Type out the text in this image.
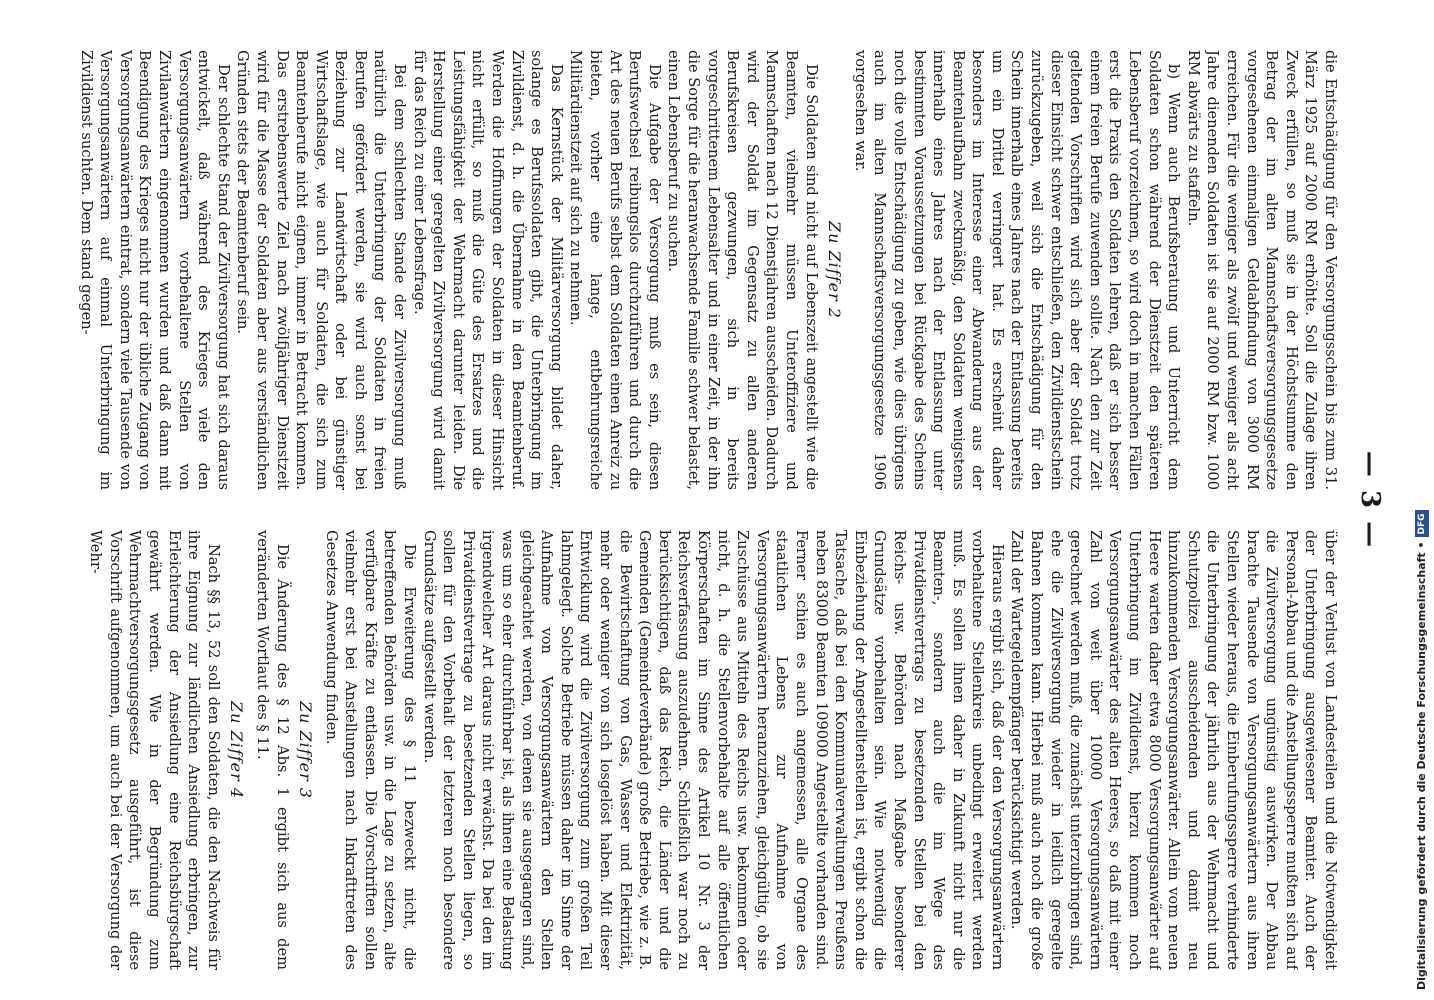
— 3 —

die Entschädigung für den Versorgungsschein bis zum 31. März 1925 auf 2000 RM erhöhte. Soll die Zulage ihren Zweck erfüllen, so muß sie in der Höchstsumme den Betrag der im alten Mannschaftsversorgungsgesetze vorgesehenen einmaligen Geldabfindung von 3000 RM erreichen. Für die weniger als zwölf und weniger als acht Jahre dienenden Soldaten ist sie auf 2000 RM bzw. 1000 RM abwärts zu staffeln.

b) Wenn auch Berufsberatung und Unterricht dem Soldaten schon während der Dienstzeit den späteren Lebensberuf vorzeichnen, so wird doch in manchen Fällen erst die Praxis den Soldaten lehren, daß er sich besser einem freien Berufe zuwenden sollte. Nach den zur Zeit geltenden Vorschriften wird sich aber der Soldat trotz dieser Einsicht schwer entschließen, den Zivildienstschein zurückzugeben, weil sich die Entschädigung für den Schein innerhalb eines Jahres nach der Entlassung bereits um ein Drittel verringert hat. Es erscheint daher besonders im Interesse einer Abwanderung aus der Beamtenlaufbahn zweckmäßig, den Soldaten wenigstens innerhalb eines Jahres nach der Entlassung unter bestimmten Voraussetzungen bei Rückgabe des Scheins noch die volle Entschädigung zu geben, wie dies übrigens auch im alten Mannschaftsversorgungsgesetze 1906 vorgesehen war.

Zu Ziffer 2

Die Soldaten sind nicht auf Lebenszeit angestellt wie die Beamten, vielmehr müssen Unteroffiziere und Mannschaften nach 12 Dienstjahren ausscheiden. Dadurch wird der Soldat im Gegensatz zu allen anderen Berufskreisen gezwungen, sich in bereits vorgeschrittenem Lebensalter und in einer Zeit, in der ihn die Sorge für die heranwachsende Familie schwer belastet, einen Lebensberuf zu suchen.

Die Aufgabe der Versorgung muß es sein, diesen Berufswechsel reibungslos durchzuführen und durch die Art des neuen Berufs selbst dem Soldaten einen Anreiz zu bieten, vorher eine lange, entbehrungsreiche Militärdienstzeit auf sich zu nehmen.

Das Kernstück der Militärversorgung bildet daher, solange es Berufssoldaten gibt, die Unterbringung im Zivildienst, d. h. die Übernahme in den Beamtenberuf. Werden die Hoffnungen der Soldaten in dieser Hinsicht nicht erfüllt, so muß die Güte des Ersatzes und die Leistungsfähigkeit der Wehrmacht darunter leiden. Die Herstellung einer geregelten Zivilversorgung wird damit für das Reich zu einer Lebensfrage.

Bei dem schlechten Stande der Zivilversorgung muß natürlich die Unterbringung der Soldaten in freien Berufen gefördert werden, sie wird auch sonst bei Beziehung zur Landwirtschaft oder bei günstiger Wirtschaftslage, wie auch für Soldaten, die sich zum Beamtenberufe nicht eignen, immer in Betracht kommen. Das erstrebenswerte Ziel nach zwölfjähriger Dienstzeit wird für die Masse der Soldaten aber aus verständlichen Gründen stets der Beamtenberuf sein.

Der schlechte Stand der Zivilversorgung hat sich daraus entwickelt, daß während des Krieges viele den Versorgungsanwärtern vorbehaltene Stellen von Zivilanwärtern eingenommen wurden und daß dann mit Beendigung des Krieges nicht nur der übliche Zugang von Versorgungsanwärtern eintrat, sondern viele Tausende von Versorgungsanwärtern auf einmal Unterbringung im Zivildienst suchten. Dem stand gegen-

über der Verlust von Landesteilen und die Notwendigkeit der Unterbringung ausgewiesener Beamter. Auch der Personal-Abbau und die Anstellungssperre mußten sich auf die Zivilversorgung ungünstig auswirken. Der Abbau brachte Tausende von Versorgungsanwärtern aus ihren Stellen wieder heraus, die Einberufungssperre verhinderte die Unterbringung der jährlich aus der Wehrmacht und Schutzpolizei ausscheidenden und damit neu hinzukommenden Versorgungsanwärter. Allein vom neuen Heere warten daher etwa 8000 Versorgungsanwärter auf Unterbringung im Zivildienst, hierzu kommen noch Versorgungsanwärter des alten Heeres, so daß mit einer Zahl von weit über 10000 Versorgungsanwärtern gerechnet werden muß, die zunächst unterzubringen sind, ehe die Zivilversorgung wieder in leidlich geregelte Bahnen kommen kann. Hierbei muß auch noch die große Zahl der Wartegeldempfänger berücksichtigt werden.

Hieraus ergibt sich, daß der den Versorgungsanwärtern vorbehaltene Stellenkreis unbedingt erweitert werden muß. Es sollen ihnen daher in Zukunft nicht nur die Beamten-, sondern auch die im Wege des Privatdienstvertrags zu besetzenden Stellen bei den Reichs- usw. Behörden nach Maßgabe besonderer Grundsätze vorbehalten sein. Wie notwendig die Einbeziehung der Angestelltenstellen ist, ergibt schon die Tatsache, daß bei den Kommunalverwaltungen Preußens neben 83000 Beamten 109000 Angestellte vorhanden sind. Ferner schien es auch angemessen, alle Organe des staatlichen Lebens zur Aufnahme von Versorgungsanwärtern heranzuziehen, gleichgültig, ob sie Zuschüsse aus Mitteln des Reichs usw. bekommen oder nicht, d. h. die Stellenvorbehalte auf alle öffentlichen Körperschaften im Sinne des Artikel 10 Nr. 3 der Reichsverfassung auszudehnen. Schließlich war noch zu berücksichtigen, daß das Reich, die Länder und die Gemeinden (Gemeindeverbände) große Betriebe, wie z. B. die Bewirtschaftung von Gas, Wasser und Elektrizität, mehr oder weniger von sich losgelöst haben. Mit dieser Entwicklung wird die Zivilversorgung zum großen Teil lahmgelegt. Solche Betriebe müssen daher im Sinne der Aufnahme von Versorgungsanwärtern den Stellen gleichgeachtet werden, von denen sie ausgegangen sind, was um so eher durchführbar ist, als ihnen eine Belastung irgendwelcher Art daraus nicht erwächst. Da bei den im Privatdienstvertrage zu besetzenden Stellen liegen, so sollen für den Vorbehalt der letzteren noch besondere Grundsätze aufgestellt werden.

Die Erweiterung des § 11 bezweckt nicht, die betreffenden Behörden usw. in die Lage zu setzen, alte verfügbare Kräfte zu entlassen. Die Vorschriften sollen vielmehr erst bei Anstellungen nach Inkrafttreten des Gesetzes Anwendung finden.

Zu Ziffer 3

Die Änderung des § 12 Abs. 1 ergibt sich aus dem veränderten Wortlaut des § 11.

Zu Ziffer 4

Nach §§ 13, 52 soll den Soldaten, die den Nachweis für ihre Eignung zur ländlichen Ansiedlung erbringen, zur Erleichterung der Ansiedlung eine Reichsbürgschaft gewährt werden. Wie in der Begründung zum Wehrmachtversorgungsgesetz ausgeführt, ist diese Vorschrift aufgenommen, um auch bei der Versorgung der Wehr-	Digitalisierung gefördert durch die Deutsche Forschungsgemeinschaft •DFG
